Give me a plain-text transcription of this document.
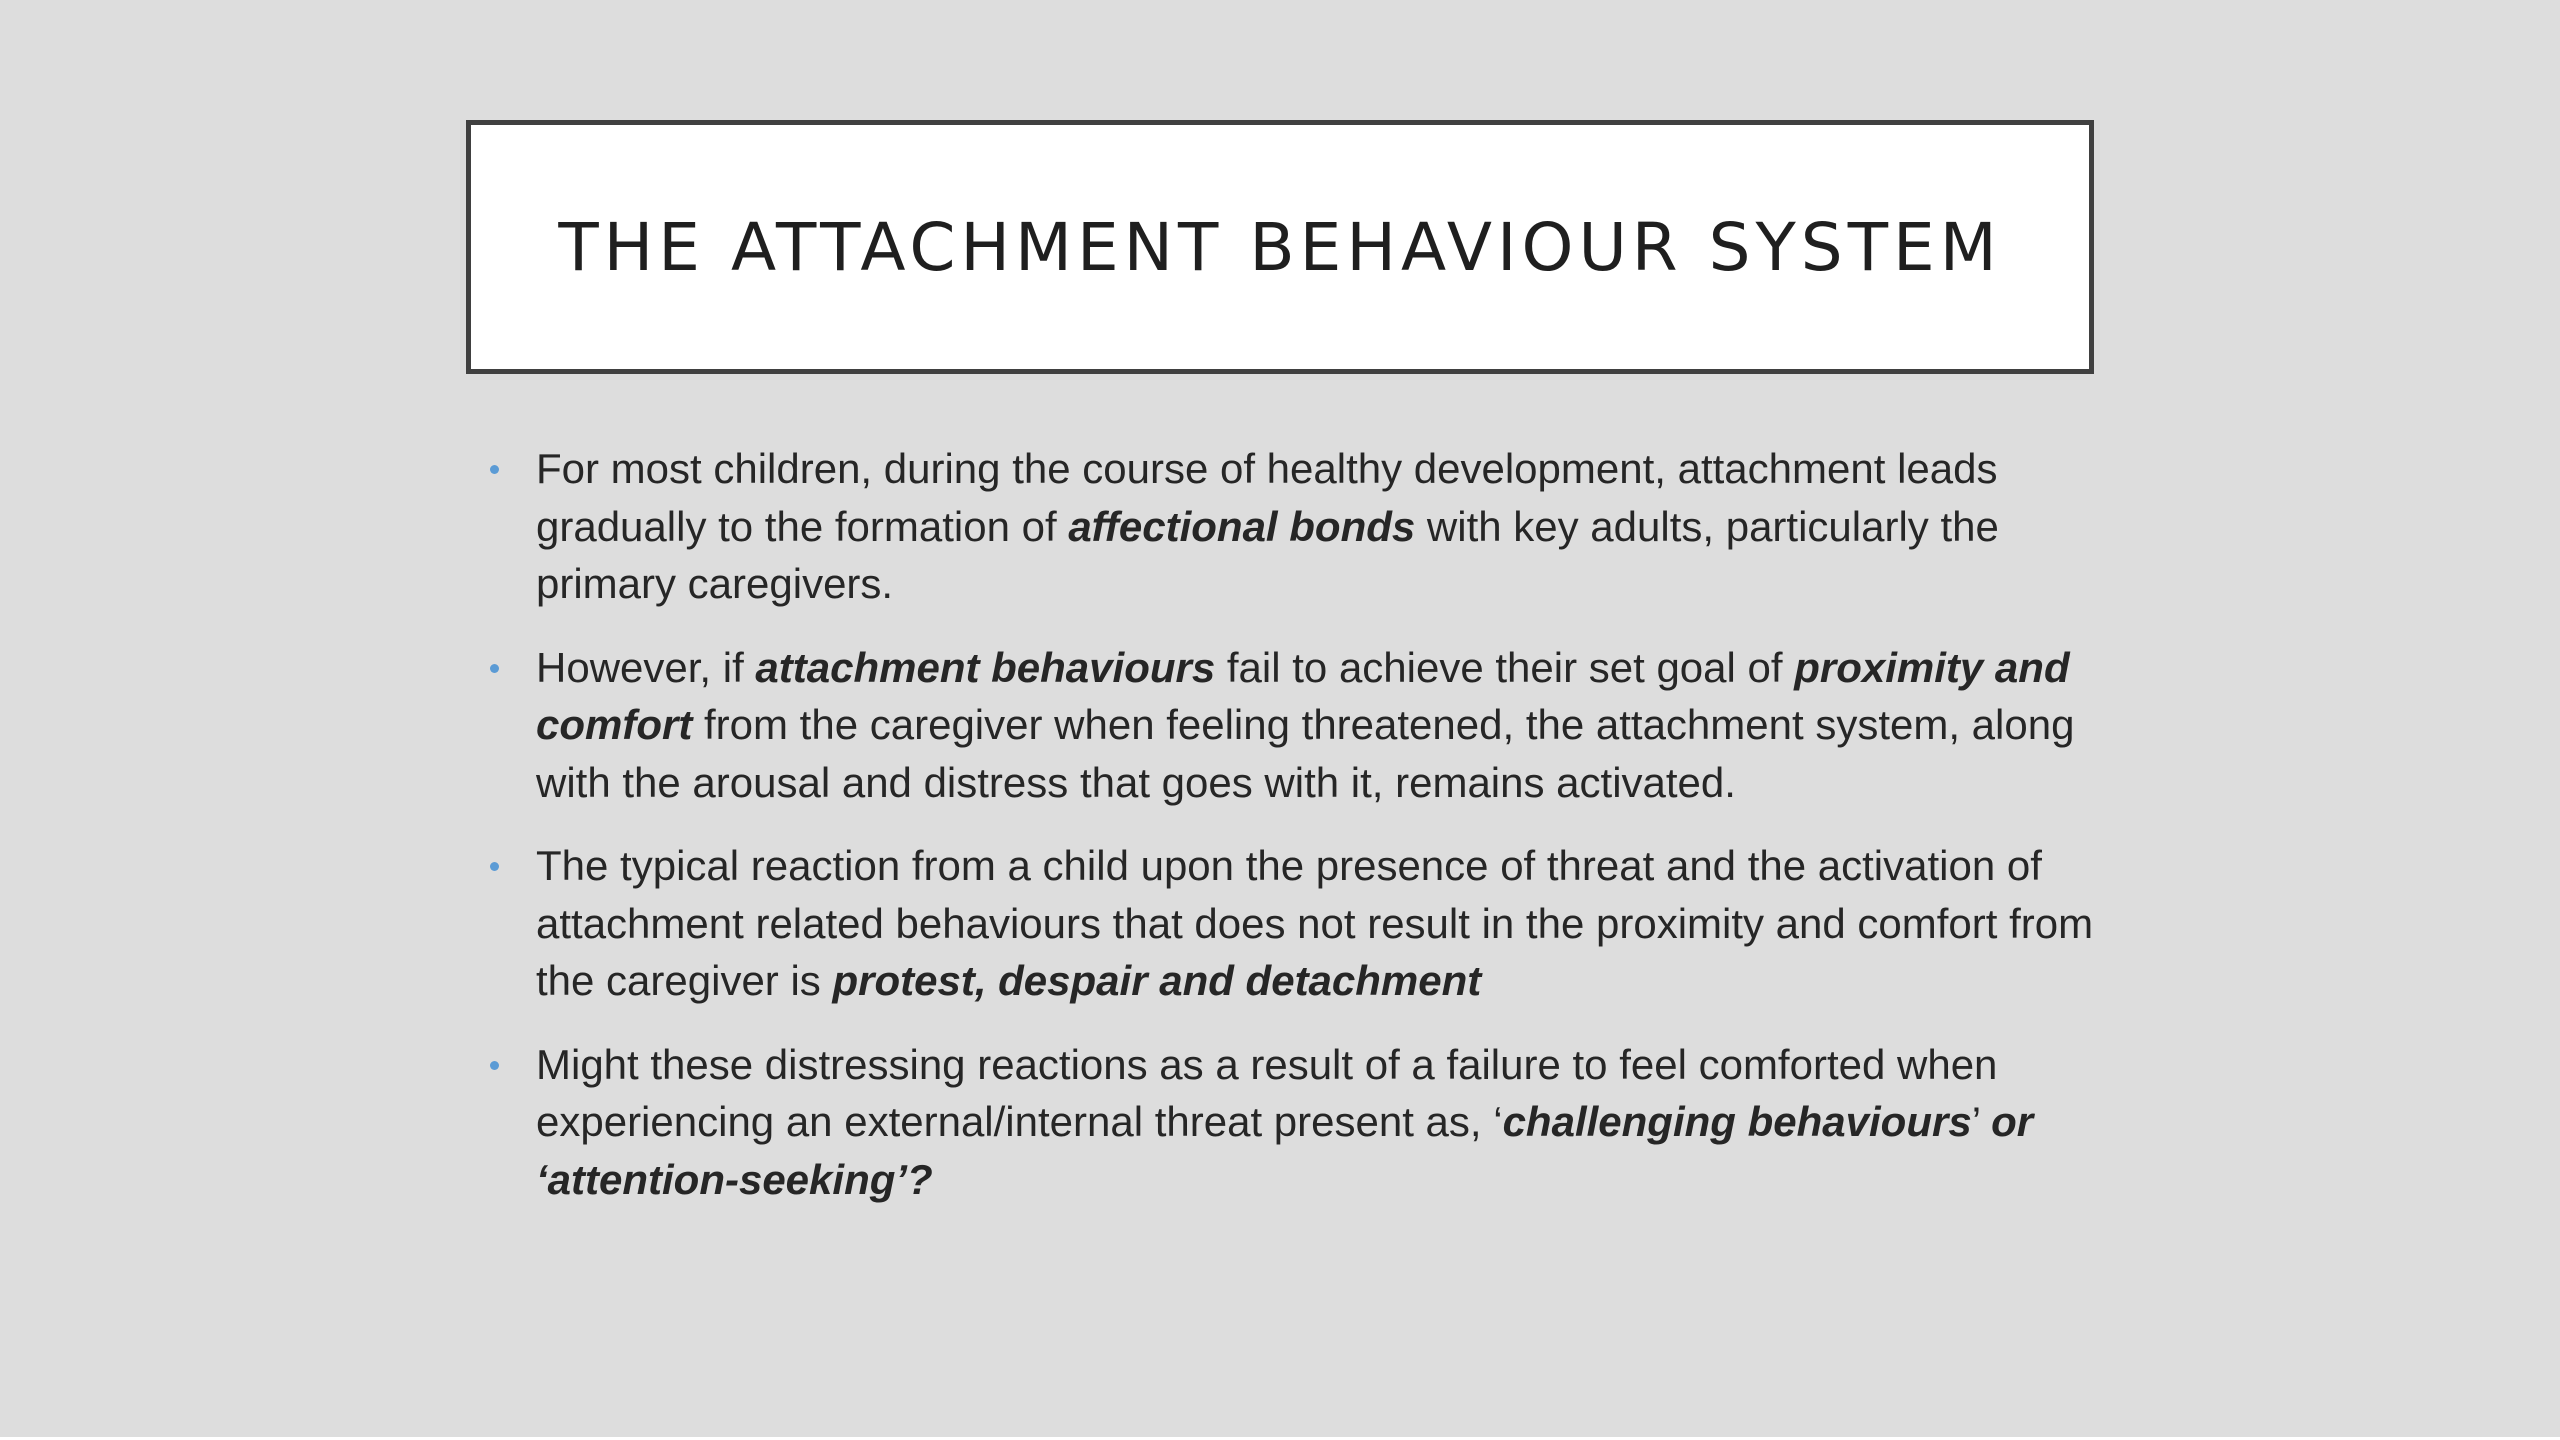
THE ATTACHMENT BEHAVIOUR SYSTEM
For most children, during the course of healthy development, attachment leads gradually to the formation of affectional bonds with key adults, particularly the primary caregivers.
However, if attachment behaviours fail to achieve their set goal of proximity and comfort from the caregiver when feeling threatened, the attachment system, along with the arousal and distress that goes with it, remains activated.
The typical reaction from a child upon the presence of threat and the activation of attachment related behaviours that does not result in the proximity and comfort from the caregiver is protest, despair and detachment
Might these distressing reactions as a result of a failure to feel comforted when experiencing an external/internal threat present as, ‘challenging behaviours’ or ‘attention-seeking’?
